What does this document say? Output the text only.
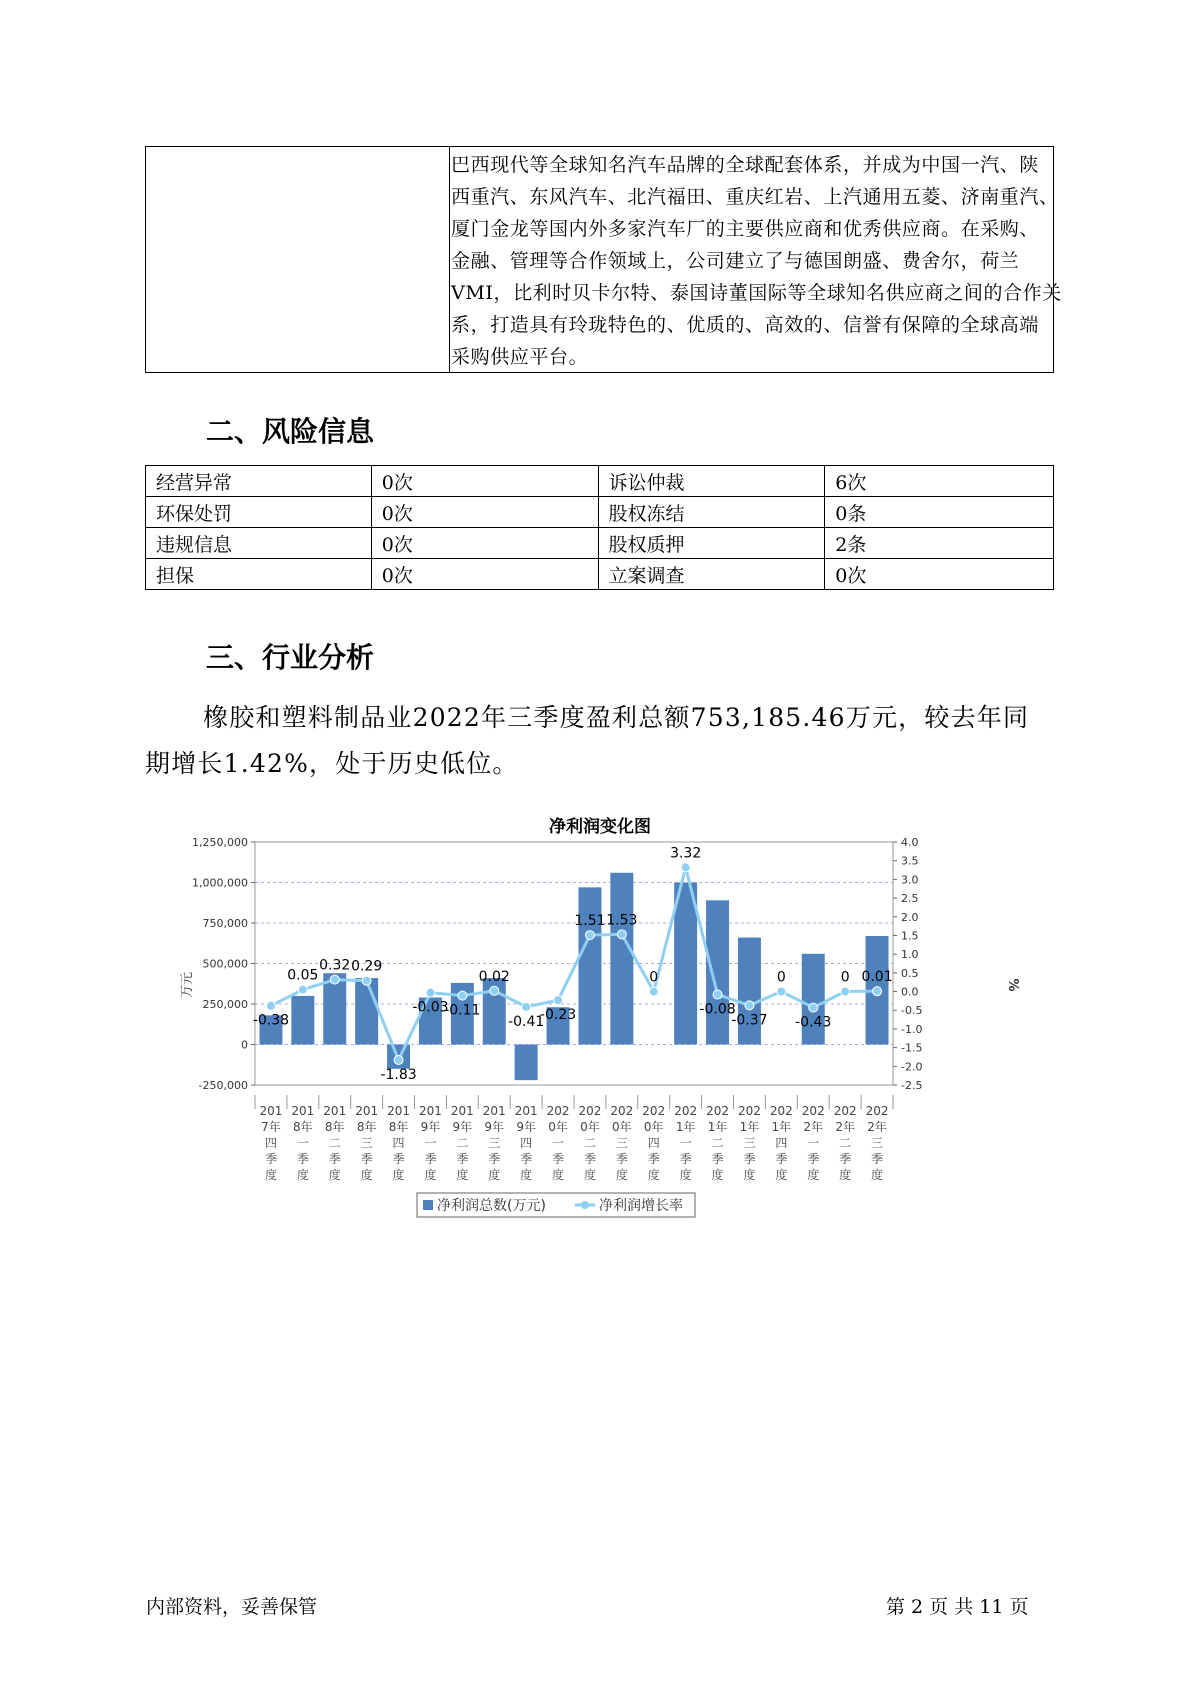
巴西现代等全球知名汽车品牌的全球配套体系，并成为中国一汽、陕
西重汽、东风汽车、北汽福田、重庆红岩、上汽通用五菱、济南重汽、
厦门金龙等国内外多家汽车厂的主要供应商和优秀供应商。在采购、
金融、管理等合作领域上，公司建立了与德国朗盛、费舍尔，荷兰
VMI，比利时贝卡尔特、泰国诗董国际等全球知名供应商之间的合作关
系，打造具有玲珑特色的、优质的、高效的、信誉有保障的全球高端
采购供应平台。
二、风险信息
经营异常	0次	诉讼仲裁	6次
环保处罚	0次	股权冻结	0条
违规信息	0次	股权质押	2条
担保	0次	立案调查	0次
三、行业分析
橡胶和塑料制品业2022年三季度盈利总额753,185.46万元，较去年同期增长1.42%，处于历史低位。
净利润变化图
-0.38
0.05
0.32 0.29
-1.83
-0.03
-0.11
0.02
-0.41
-0.23
1.51 1.53
0
3.32
-0.08
-0.37
0
-0.43
0 0.01
1,250,000
1,000,000
750,000
500,000
250,000
0
-250,000
4.0
3.5
3.0
2.5
2.0
1.5
1.0
0.5
0.0
-0.5
-1.0
-1.5
-2.0
-2.5
201
7年
四
季
度
201
8年
一
季
度
201
8年
二
季
度
201
8年
三
季
度
201
8年
四
季
度
201
9年
一
季
度
201
9年
二
季
度
201
9年
三
季
度
201
9年
四
季
度
202
0年
一
季
度
202
0年
二
季
度
202
0年
三
季
度
202
0年
四
季
度
202
1年
一
季
度
202
1年
二
季
度
202
1年
三
季
度
202
1年
四
季
度
202
2年
一
季
度
202
2年
二
季
度
202
2年
三
季
度
万元	%
净利润总数(万元)	净利润增长率
内部资料，妥善保管	第 2 页 共 11 页
